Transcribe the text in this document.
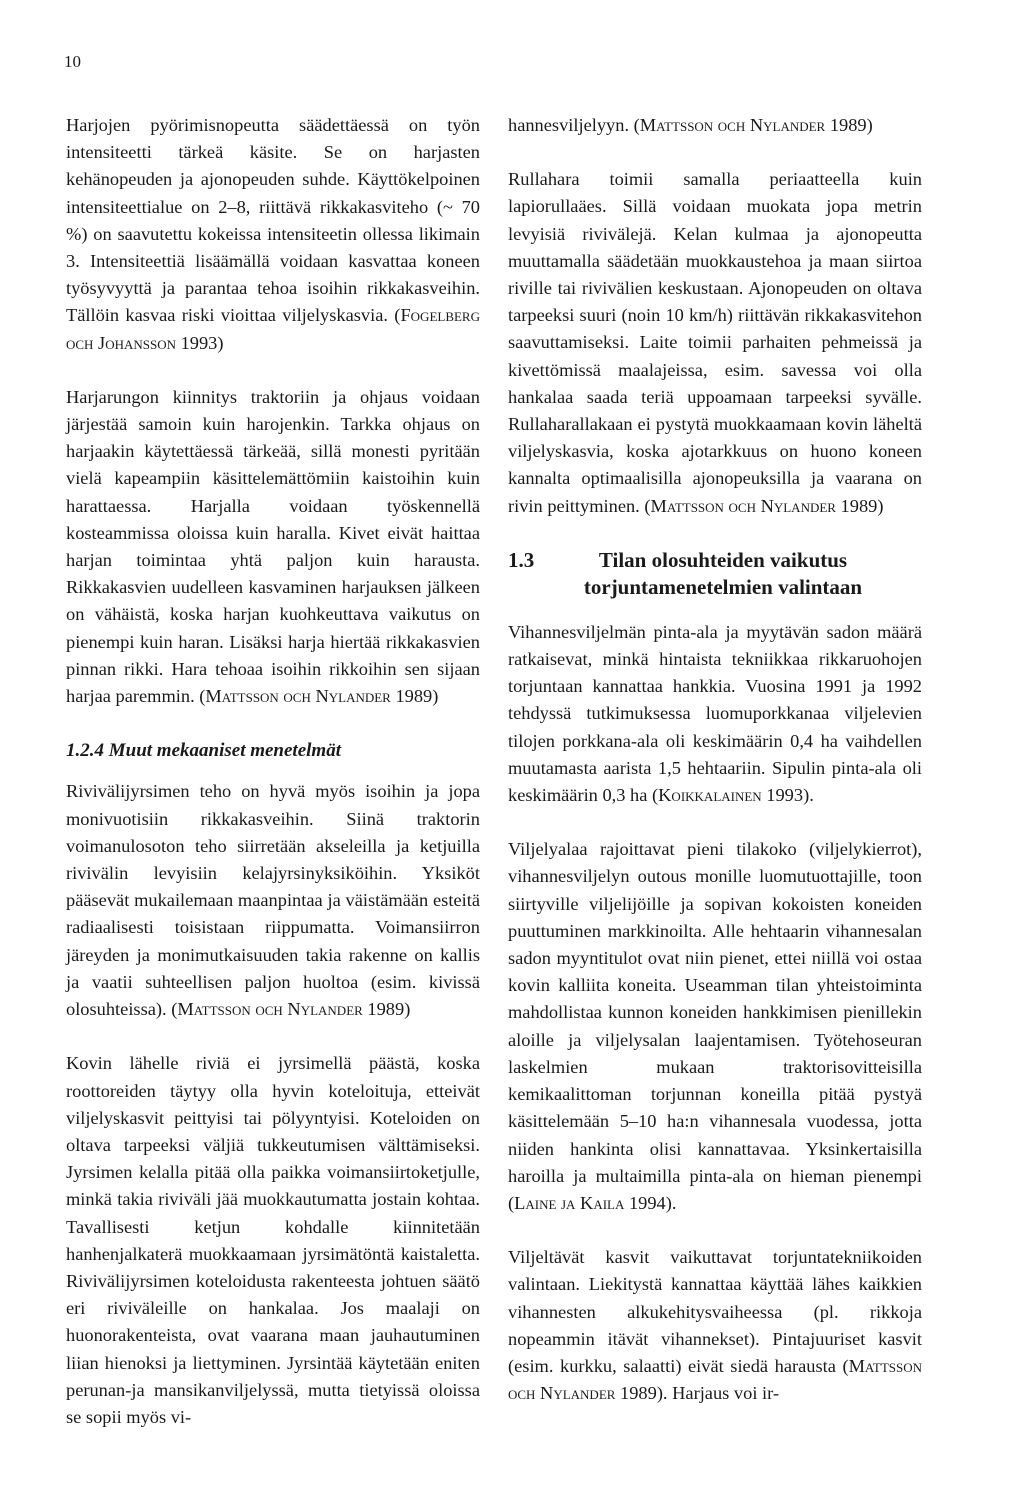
10

Harjojen pyörimisnopeutta säädettäessä on työn intensiteetti tärkeä käsite. Se on harjasten kehänopeuden ja ajonopeuden suhde. Käyttökelpoinen intensiteettialue on 2–8, riittävä rikkakasviteho (~ 70 %) on saavutettu kokeissa intensiteetin ollessa likimain 3. Intensiteettiä lisäämällä voidaan kasvattaa koneen työsyvyyttä ja parantaa tehoa isoihin rikkakasveihin. Tällöin kasvaa riski vioittaa viljelyskasvia. (Fogelberg och Johansson 1993)

Harjarungon kiinnitys traktoriin ja ohjaus voidaan järjestää samoin kuin harojenkin. Tarkka ohjaus on harjaakin käytettäessä tärkeää, sillä monesti pyritään vielä kapeampiin käsittelemättömiin kaistoihin kuin harattaessa. Harjalla voidaan työskennellä kosteammissa oloissa kuin haralla. Kivet eivät haittaa harjan toimintaa yhtä paljon kuin harausta. Rikkakasvien uudelleen kasvaminen harjauksen jälkeen on vähäistä, koska harjan kuohkeuttava vaikutus on pienempi kuin haran. Lisäksi harja hiertää rikkakasvien pinnan rikki. Hara tehoaa isoihin rikkoihin sen sijaan harjaa paremmin. (Mattsson och Nylander 1989)

1.2.4 Muut mekaaniset menetelmät

Rivivälijyrsimen teho on hyvä myös isoihin ja jopa monivuotisiin rikkakasveihin. Siinä traktorin voimanulosoton teho siirretään akseleilla ja ketjuilla rivivälin levyisiin kelajyrsinyksiköihin. Yksiköt pääsevät mukailemaan maanpintaa ja väistämään esteitä radiaalisesti toisistaan riippumatta. Voimansiirron järeyden ja monimutkaisuuden takia rakenne on kallis ja vaatii suhteellisen paljon huoltoa (esim. kivissä olosuhteissa). (Mattsson och Nylander 1989)

Kovin lähelle riviä ei jyrsimellä päästä, koska roottoreiden täytyy olla hyvin koteloituja, etteivät viljelyskasvit peittyisi tai pölyyntyisi. Koteloiden on oltava tarpeeksi väljiä tukkeutumisen välttämiseksi. Jyrsimen kelalla pitää olla paikka voimansiirtoketjulle, minkä takia riviväli jää muokkautumatta jostain kohtaa. Tavallisesti ketjun kohdalle kiinnitetään hanhenjalkaterä muokkaamaan jyrsimätöntä kaistaletta. Rivivälijyrsimen koteloidusta rakenteesta johtuen säätö eri riviväleille on hankalaa. Jos maalaji on huonorakenteista, ovat vaarana maan jauhautuminen liian hienoksi ja liettyminen. Jyrsintää käytetään eniten perunan-ja mansikanviljelyssä, mutta tietyissä oloissa se sopii myös vi-

hannesviljelyyn. (Mattsson och Nylander 1989)

Rullahara toimii samalla periaatteella kuin lapiorullaäes. Sillä voidaan muokata jopa metrin levyisiä rivivälejä. Kelan kulmaa ja ajonopeutta muuttamalla säädetään muokkaustehoa ja maan siirtoa riville tai rivivälien keskustaan. Ajonopeuden on oltava tarpeeksi suuri (noin 10 km/h) riittävän rikkakasvitehon saavuttamiseksi. Laite toimii parhaiten pehmeissä ja kivettömissä maalajeissa, esim. savessa voi olla hankalaa saada teriä uppoamaan tarpeeksi syvälle. Rullaharallakaan ei pystytä muokkaamaan kovin läheltä viljelyskasvia, koska ajotarkkuus on huono koneen kannalta optimaalisilla ajonopeuksilla ja vaarana on rivin peittyminen. (Mattsson och Nylander 1989)

1.3	Tilan olosuhteiden vaikutus torjuntamenetelmien valintaan

Vihannesviljelmän pinta-ala ja myytävän sadon määrä ratkaisevat, minkä hintaista tekniikkaa rikkaruohojen torjuntaan kannattaa hankkia. Vuosina 1991 ja 1992 tehdyssä tutkimuksessa luomuporkkanaa viljelevien tilojen porkkana-ala oli keskimäärin 0,4 ha vaihdellen muutamasta aarista 1,5 hehtaariin. Sipulin pinta-ala oli keskimäärin 0,3 ha (Koikkalainen 1993).

Viljelyalaa rajoittavat pieni tilakoko (viljelykierrot), vihannesviljelyn outous monille luomutuottajille, toon siirtyville viljelijöille ja sopivan kokoisten koneiden puuttuminen markkinoilta. Alle hehtaarin vihannesalan sadon myyntitulot ovat niin pienet, ettei niillä voi ostaa kovin kalliita koneita. Useamman tilan yhteistoiminta mahdollistaa kunnon koneiden hankkimisen pienillekin aloille ja viljelysalan laajentamisen. Työtehoseuran laskelmien mukaan traktorisovitteisilla kemikaalittoman torjunnan koneilla pitää pystyä käsittelemään 5–10 ha:n vihannesala vuodessa, jotta niiden hankinta olisi kannattavaa. Yksinkertaisilla haroilla ja multaimilla pinta-ala on hieman pienempi (Laine ja Kaila 1994).

Viljeltävät kasvit vaikuttavat torjuntatekniikoiden valintaan. Liekitystä kannattaa käyttää lähes kaikkien vihannesten alkukehitysvaiheessa (pl. rikkoja nopeammin itävät vihannekset). Pintajuuriset kasvit (esim. kurkku, salaatti) eivät siedä harausta (Mattsson och Nylander 1989). Harjaus voi ir-
